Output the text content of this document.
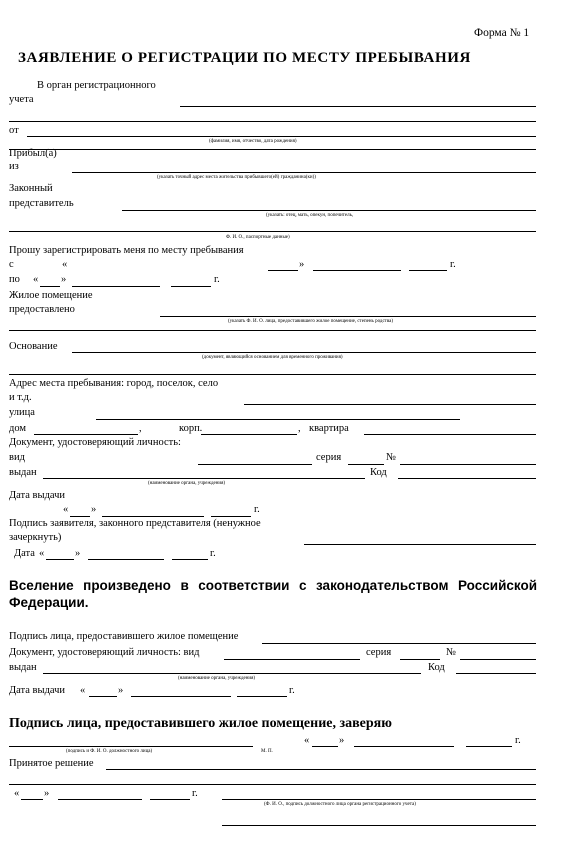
Форма № 1
ЗАЯВЛЕНИЕ О РЕГИСТРАЦИИ ПО МЕСТУ ПРЕБЫВАНИЯ
В орган регистрационного
учета
от
(фамилия, имя, отчество, дата рождения)
Прибыл(а)
из
(указать точный адрес места жительства прибывшего(ей) гражданина(ки))
Законный
представитель
(указать: отец, мать, опекун, попечитель,
Ф. И. О., паспортные данные)
Прошу зарегистрировать меня по месту пребывания
с	«	»	г.
по « »	г.
Жилое помещение
предоставлено
(указать Ф. И. О. лица, предоставившего жилое помещение, степень родства)
Основание
(документ, являющийся основанием для временного проживания)
Адрес места пребывания: город, поселок, село
и т.д.
улица
дом	,	корп.	, квартира
Документ, удостоверяющий личность:
вид	серия	№
выдан	Код
(наименование органа, учреждения)
Дата выдачи
« »	г.
Подпись заявителя, законного представителя (ненужное
зачеркнуть)
Дата «	»	г.
Вселение произведено в соответствии с законодательством Российской Федерации.
Подпись лица, предоставившего жилое помещение
Документ, удостоверяющий личность: вид	серия	№
выдан	Код
(наименование органа, учреждения)
Дата выдачи «	»	г.
Подпись лица, предоставившего жилое помещение, заверяю
(подпись и Ф. И. О. должностного лица)	М. П.
«	»	г.
Принятое решение
« »	г.
(Ф. И. О., подпись должностного лица органа регистрационного учета)
